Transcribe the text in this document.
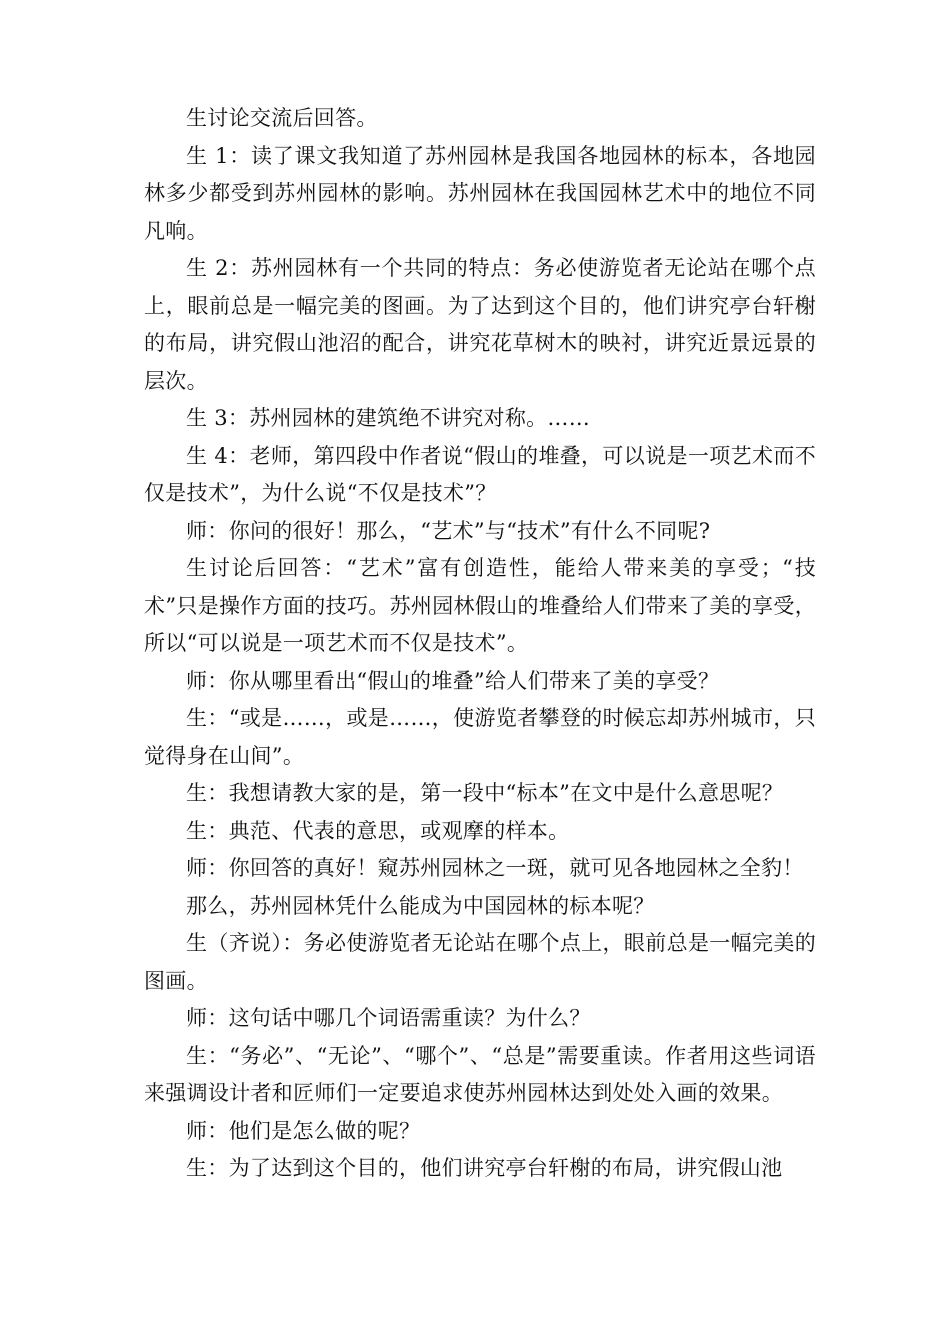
生讨论交流后回答。

生 1：读了课文我知道了苏州园林是我国各地园林的标本，各地园林多少都受到苏州园林的影响。苏州园林在我国园林艺术中的地位不同凡响。

生 2：苏州园林有一个共同的特点：务必使游览者无论站在哪个点上，眼前总是一幅完美的图画。为了达到这个目的，他们讲究亭台轩榭的布局，讲究假山池沼的配合，讲究花草树木的映衬，讲究近景远景的层次。

生 3：苏州园林的建筑绝不讲究对称。……

生 4：老师，第四段中作者说“假山的堆叠，可以说是一项艺术而不仅是技术”，为什么说“不仅是技术”？

师：你问的很好！那么，“艺术”与“技术”有什么不同呢?

生讨论后回答：“艺术”富有创造性，能给人带来美的享受；“技术”只是操作方面的技巧。苏州园林假山的堆叠给人们带来了美的享受，所以“可以说是一项艺术而不仅是技术”。

师：你从哪里看出“假山的堆叠”给人们带来了美的享受？

生：“或是……，或是……，使游览者攀登的时候忘却苏州城市，只觉得身在山间”。

生：我想请教大家的是，第一段中“标本”在文中是什么意思呢？

生：典范、代表的意思，或观摩的样本。

师：你回答的真好！窥苏州园林之一斑，就可见各地园林之全豹！

那么，苏州园林凭什么能成为中国园林的标本呢？

生（齐说）：务必使游览者无论站在哪个点上，眼前总是一幅完美的图画。

师：这句话中哪几个词语需重读？为什么？

生：“务必”、“无论”、“哪个”、“总是”需要重读。作者用这些词语来强调设计者和匠师们一定要追求使苏州园林达到处处入画的效果。

师：他们是怎么做的呢？

生：为了达到这个目的，他们讲究亭台轩榭的布局，讲究假山池
